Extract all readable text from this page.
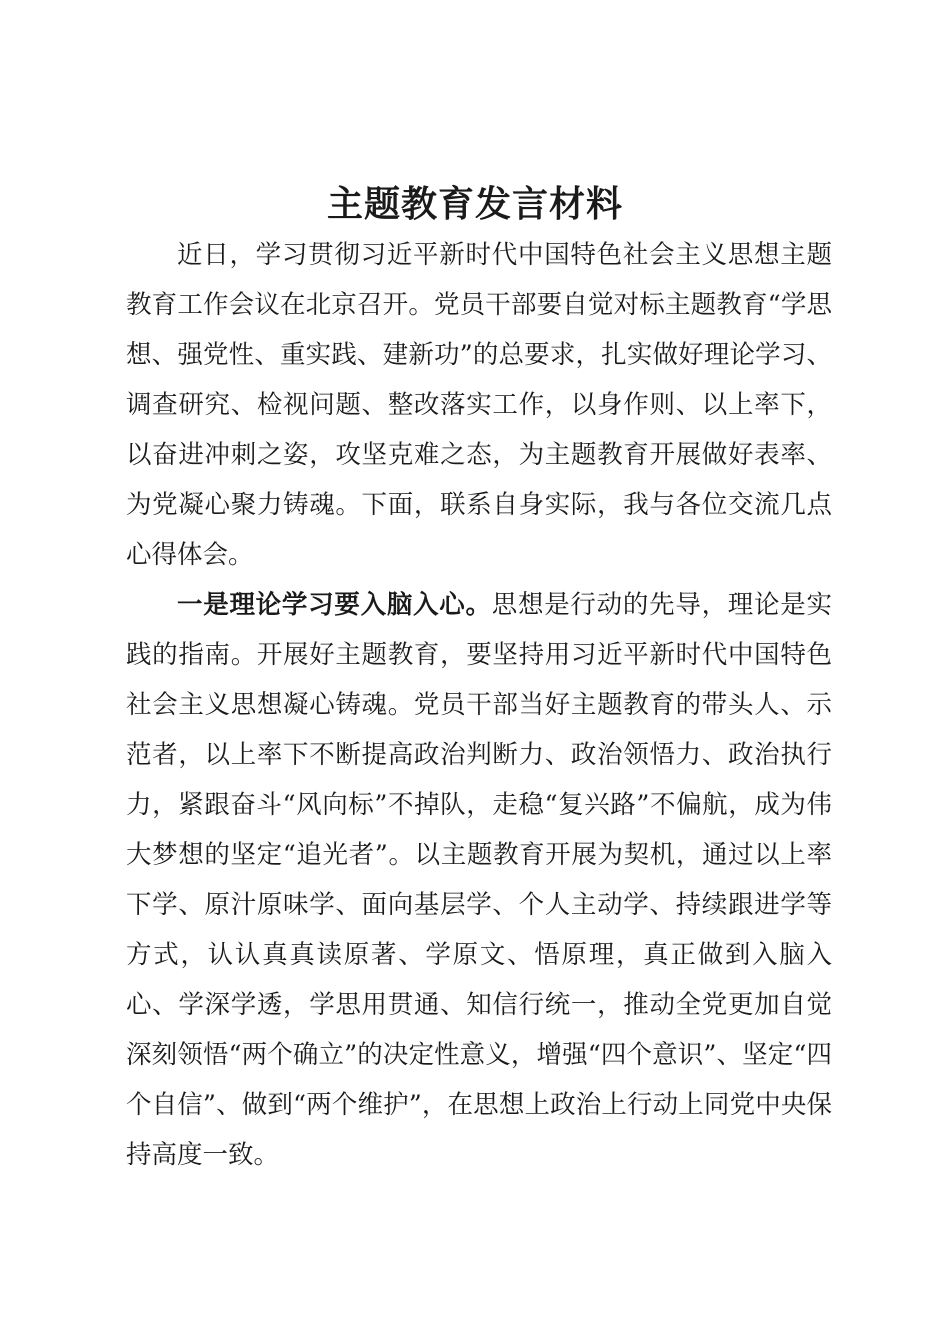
主题教育发言材料

近日，学习贯彻习近平新时代中国特色社会主义思想主题教育工作会议在北京召开。党员干部要自觉对标主题教育“学思想、强党性、重实践、建新功”的总要求，扎实做好理论学习、调查研究、检视问题、整改落实工作，以身作则、以上率下，以奋进冲刺之姿，攻坚克难之态，为主题教育开展做好表率、为党凝心聚力铸魂。下面，联系自身实际，我与各位交流几点心得体会。

一是理论学习要入脑入心。思想是行动的先导，理论是实践的指南。开展好主题教育，要坚持用习近平新时代中国特色社会主义思想凝心铸魂。党员干部当好主题教育的带头人、示范者，以上率下不断提高政治判断力、政治领悟力、政治执行力，紧跟奋斗“风向标”不掉队，走稳“复兴路”不偏航，成为伟大梦想的坚定“追光者”。以主题教育开展为契机，通过以上率下学、原汁原味学、面向基层学、个人主动学、持续跟进学等方式，认认真真读原著、学原文、悟原理，真正做到入脑入心、学深学透，学思用贯通、知信行统一，推动全党更加自觉深刻领悟“两个确立”的决定性意义，增强“四个意识”、坚定“四个自信”、做到“两个维护”，在思想上政治上行动上同党中央保持高度一致。
